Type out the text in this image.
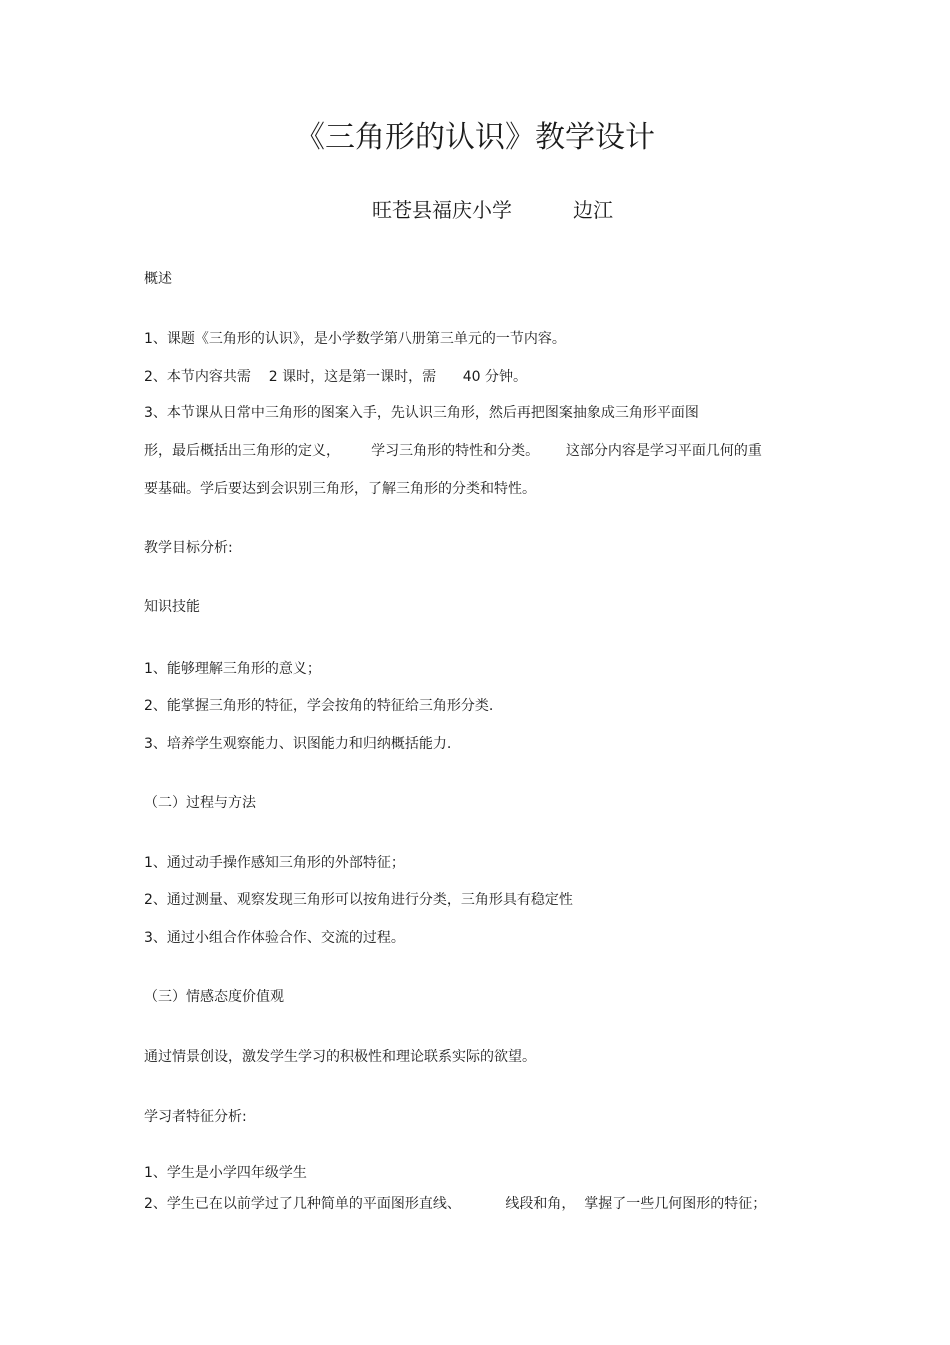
《三角形的认识》教学设计
旺苍县福庆小学	边江
概述
1、课题《三角形的认识》，是小学数学第八册第三单元的一节内容。
2、本节内容共需    2 课时，这是第一课时，需      40 分钟。
3、本节课从日常中三角形的图案入手，先认识三角形，然后再把图案抽象成三角形平面图
形，最后概括出三角形的定义，       学习三角形的特性和分类。      这部分内容是学习平面几何的重
要基础。学后要达到会识别三角形，了解三角形的分类和特性。
教学目标分析:
知识技能
1、能够理解三角形的意义；
2、能掌握三角形的特征，学会按角的特征给三角形分类.
3、培养学生观察能力、识图能力和归纳概括能力.
（二）过程与方法
1、通过动手操作感知三角形的外部特征；
2、通过测量、观察发现三角形可以按角进行分类，三角形具有稳定性
3、通过小组合作体验合作、交流的过程。
（三）情感态度价值观
通过情景创设，激发学生学习的积极性和理论联系实际的欲望。
学习者特征分析:
1、学生是小学四年级学生
2、学生已在以前学过了几种简单的平面图形直线、          线段和角，  掌握了一些几何图形的特征；
